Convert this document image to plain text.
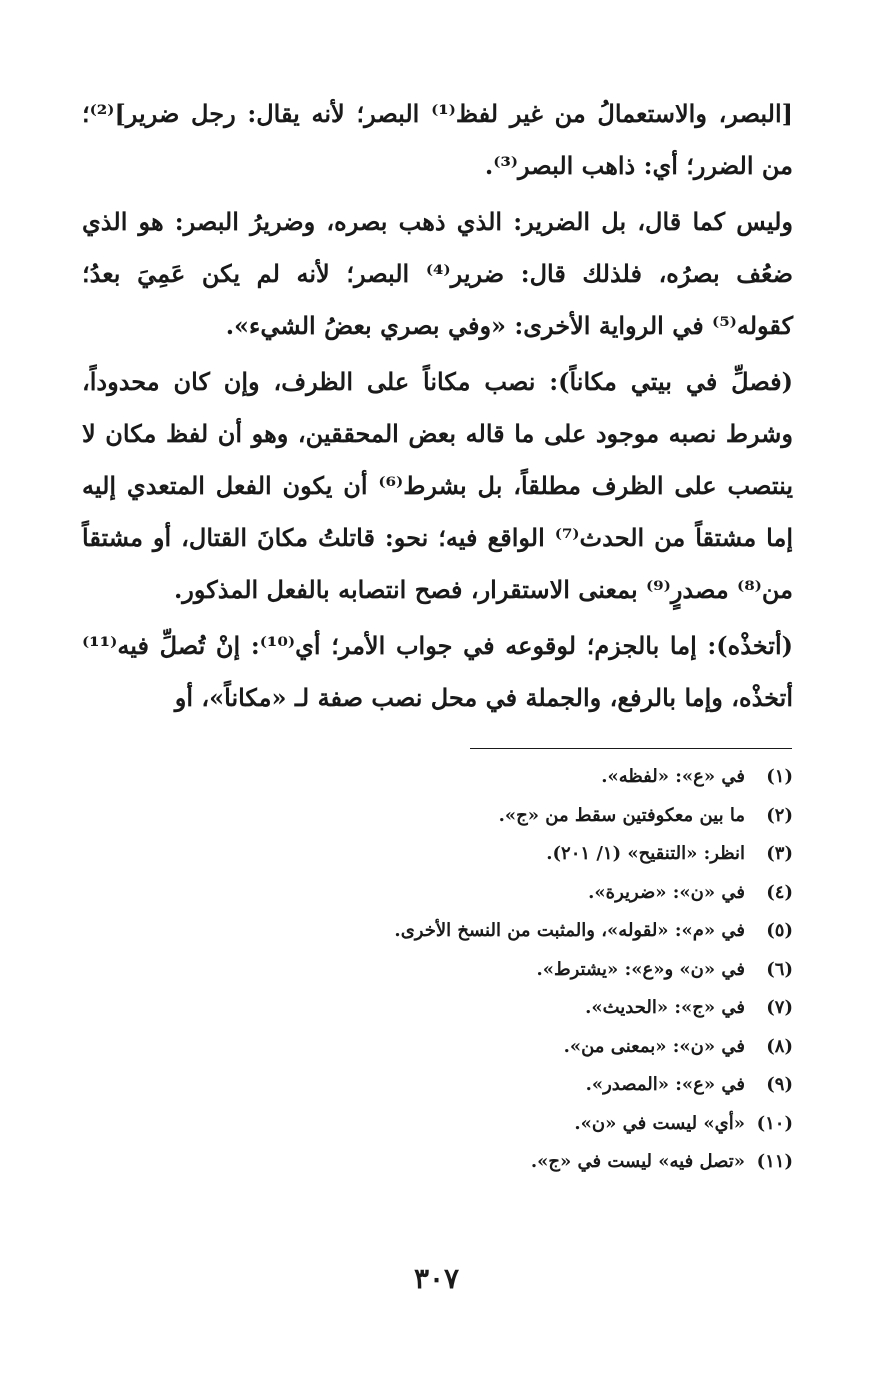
[البصر، والاستعمالُ من غير لفظ⁽¹⁾ البصر؛ لأنه يقال: رجل ضرير]⁽²⁾؛ من الضرر؛ أي: ذاهب البصر⁽³⁾.

وليس كما قال، بل الضرير: الذي ذهب بصره، وضريرُ البصر: هو الذي ضعُف بصرُه، فلذلك قال: ضرير⁽⁴⁾ البصر؛ لأنه لم يكن عَمِيَ بعدُ؛ كقوله⁽⁵⁾ في الرواية الأخرى: «وفي بصري بعضُ الشيء».

(فصلِّ في بيتي مكاناً): نصب مكاناً على الظرف، وإن كان محدوداً، وشرط نصبه موجود على ما قاله بعض المحققين، وهو أن لفظ مكان لا ينتصب على الظرف مطلقاً، بل بشرط⁽⁶⁾ أن يكون الفعل المتعدي إليه إما مشتقاً من الحدث⁽⁷⁾ الواقع فيه؛ نحو: قاتلتُ مكانَ القتال، أو مشتقاً من⁽⁸⁾ مصدرٍ⁽⁹⁾ بمعنى الاستقرار، فصح انتصابه بالفعل المذكور.

(أتخذْه): إما بالجزم؛ لوقوعه في جواب الأمر؛ أي⁽¹⁰⁾: إنْ تُصلِّ فيه⁽¹¹⁾ أتخذْه، وإما بالرفع، والجملة في محل نصب صفة لـ «مكاناً»، أو

(١)في «ع»: «لفظه».
(٢)ما بين معكوفتين سقط من «ج».
(٣)انظر: «التنقيح» (١/ ٢٠١).
(٤)في «ن»: «ضريرة».
(٥)في «م»: «لقوله»، والمثبت من النسخ الأخرى.
(٦)في «ن» و«ع»: «يشترط».
(٧)في «ج»: «الحديث».
(٨)في «ن»: «بمعنى من».
(٩)في «ع»: «المصدر».
(١٠)«أي» ليست في «ن».
(١١)«تصل فيه» ليست في «ج».
٣٠٧
